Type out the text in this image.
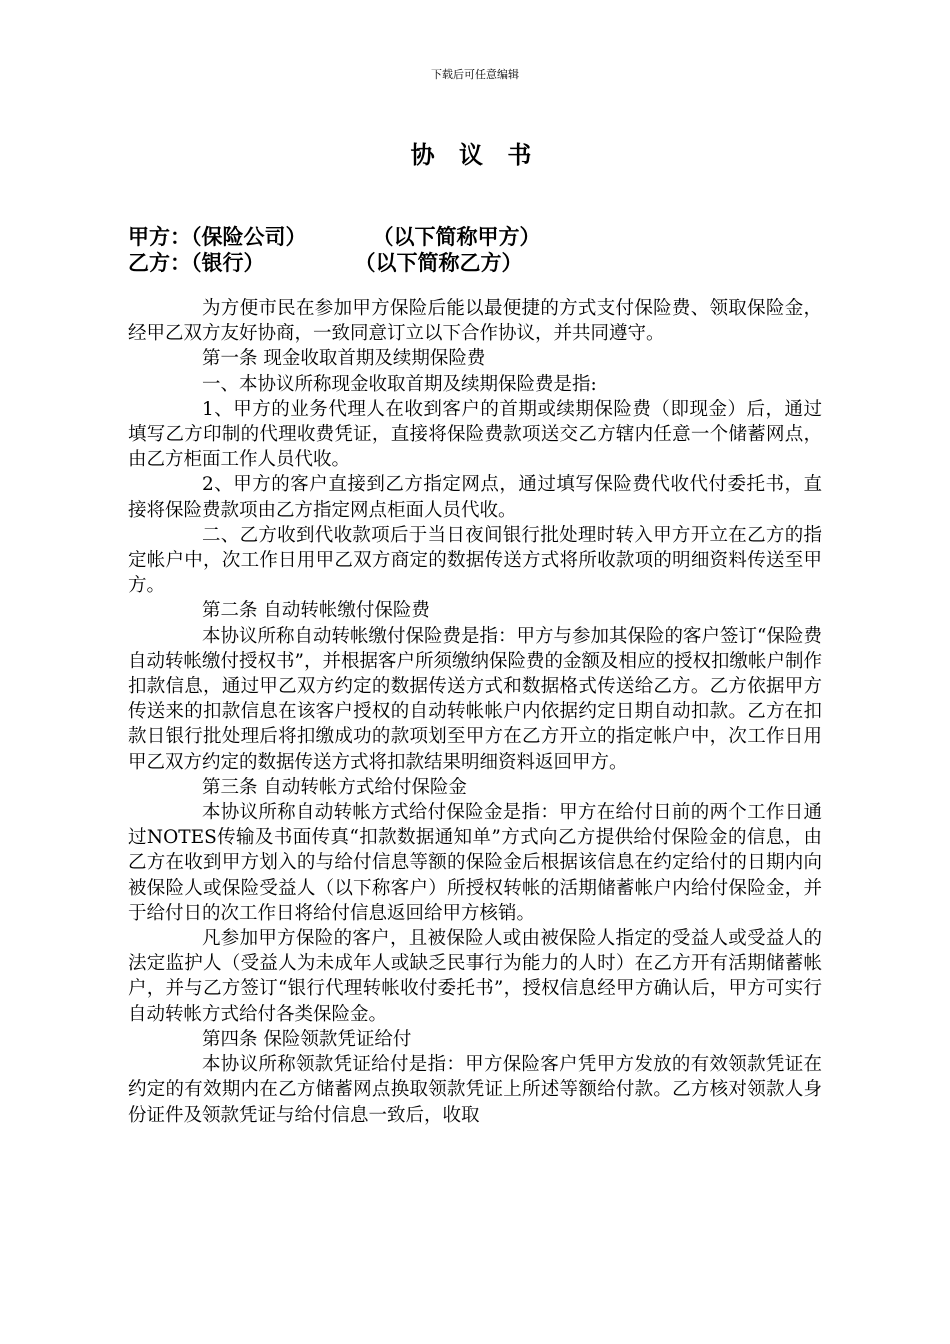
下载后可任意编辑
协 议 书
甲方：（保险公司）	（以下简称甲方）
乙方：（银行）	（以下简称乙方）

为方便市民在参加甲方保险后能以最便捷的方式支付保险费、领取保险金，经甲乙双方友好协商，一致同意订立以下合作协议，并共同遵守。

第一条 现金收取首期及续期保险费

一、本协议所称现金收取首期及续期保险费是指:

1、甲方的业务代理人在收到客户的首期或续期保险费（即现金）后，通过填写乙方印制的代理收费凭证，直接将保险费款项送交乙方辖内任意一个储蓄网点，由乙方柜面工作人员代收。

2、甲方的客户直接到乙方指定网点，通过填写保险费代收代付委托书，直接将保险费款项由乙方指定网点柜面人员代收。

二、乙方收到代收款项后于当日夜间银行批处理时转入甲方开立在乙方的指定帐户中，次工作日用甲乙双方商定的数据传送方式将所收款项的明细资料传送至甲方。

第二条 自动转帐缴付保险费

本协议所称自动转帐缴付保险费是指：甲方与参加其保险的客户签订“保险费自动转帐缴付授权书”，并根据客户所须缴纳保险费的金额及相应的授权扣缴帐户制作扣款信息，通过甲乙双方约定的数据传送方式和数据格式传送给乙方。乙方依据甲方传送来的扣款信息在该客户授权的自动转帐帐户内依据约定日期自动扣款。乙方在扣款日银行批处理后将扣缴成功的款项划至甲方在乙方开立的指定帐户中，次工作日用甲乙双方约定的数据传送方式将扣款结果明细资料返回甲方。

第三条 自动转帐方式给付保险金

本协议所称自动转帐方式给付保险金是指：甲方在给付日前的两个工作日通过NOTES传输及书面传真“扣款数据通知单”方式向乙方提供给付保险金的信息，由乙方在收到甲方划入的与给付信息等额的保险金后根据该信息在约定给付的日期内向被保险人或保险受益人（以下称客户）所授权转帐的活期储蓄帐户内给付保险金，并于给付日的次工作日将给付信息返回给甲方核销。

凡参加甲方保险的客户，且被保险人或由被保险人指定的受益人或受益人的法定监护人（受益人为未成年人或缺乏民事行为能力的人时）在乙方开有活期储蓄帐户，并与乙方签订“银行代理转帐收付委托书”，授权信息经甲方确认后，甲方可实行自动转帐方式给付各类保险金。

第四条 保险领款凭证给付

本协议所称领款凭证给付是指：甲方保险客户凭甲方发放的有效领款凭证在约定的有效期内在乙方储蓄网点换取领款凭证上所述等额给付款。乙方核对领款人身份证件及领款凭证与给付信息一致后，收取
